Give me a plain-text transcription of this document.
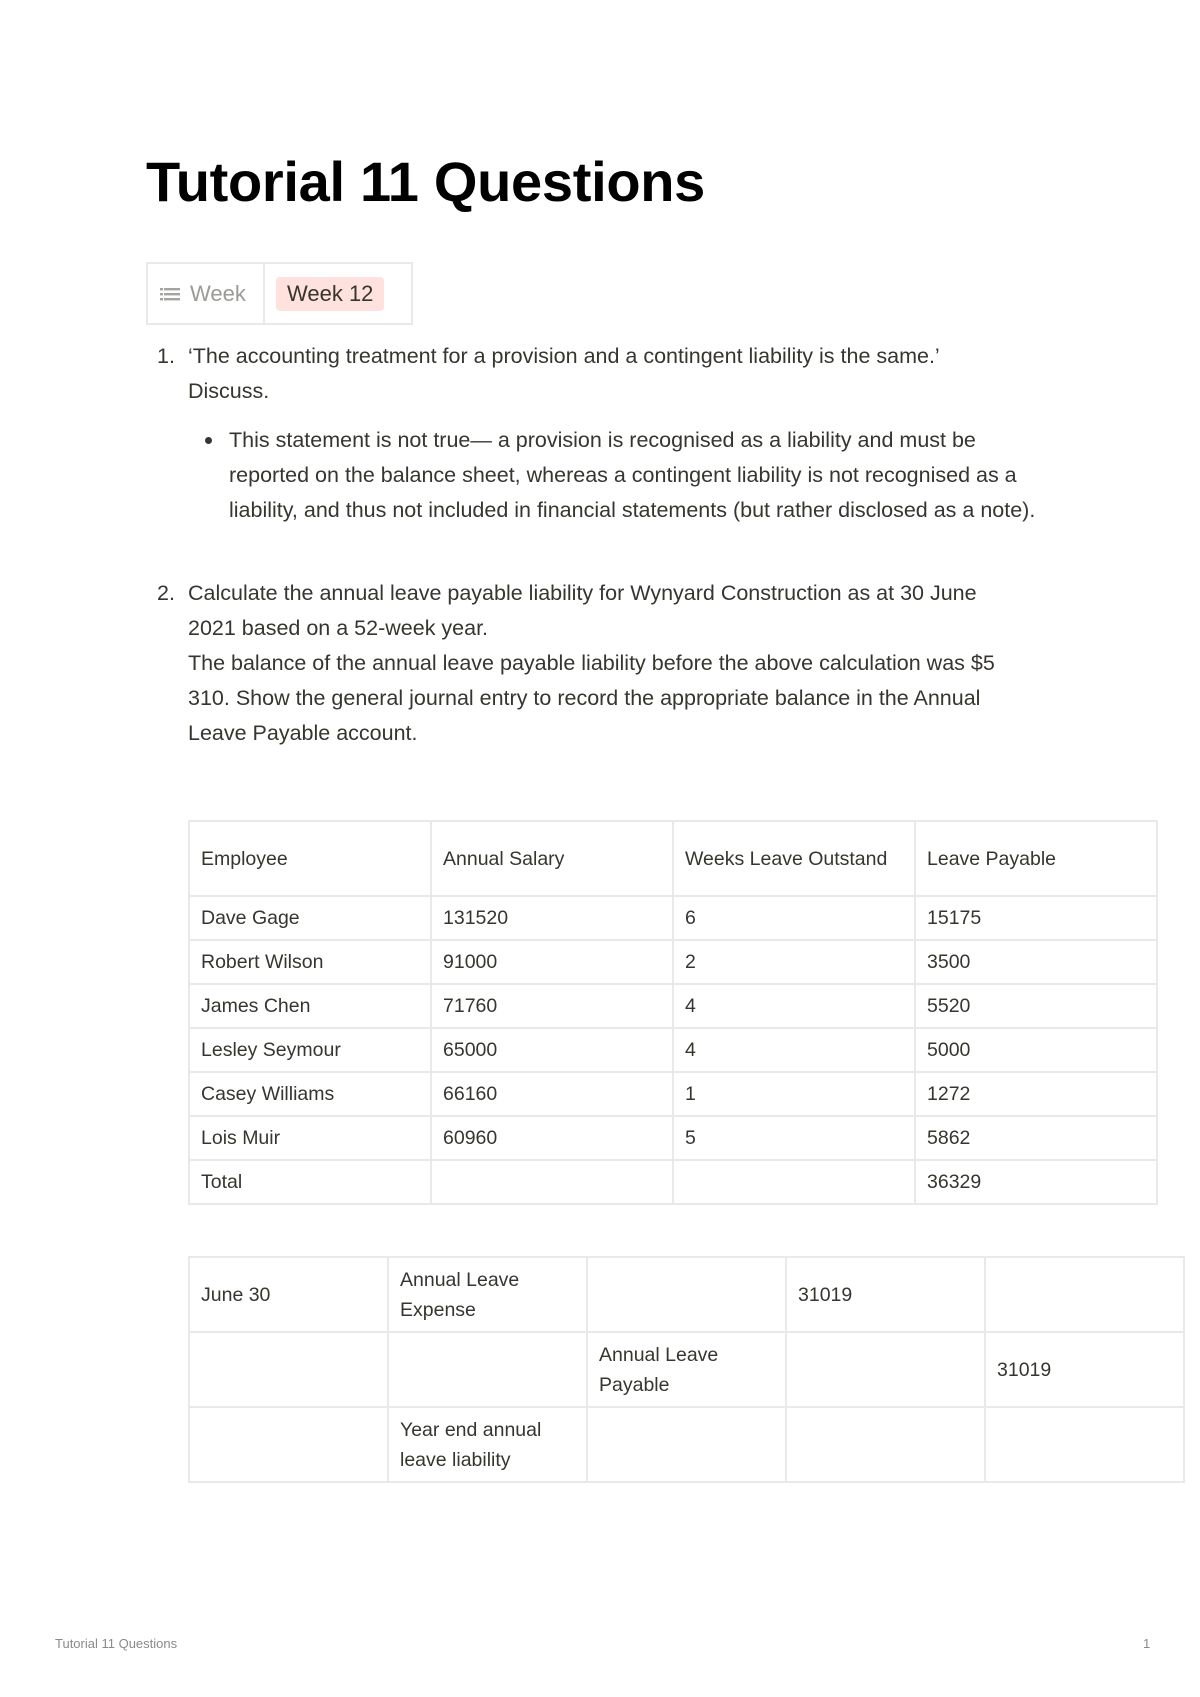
Tutorial 11 Questions
Week	Week 12
1. ‘The accounting treatment for a provision and a contingent liability is the same.’
Discuss.
This statement is not true— a provision is recognised as a liability and must be reported on the balance sheet, whereas a contingent liability is not recognised as a liability, and thus not included in financial statements (but rather disclosed as a note).
2. Calculate the annual leave payable liability for Wynyard Construction as at 30 June 2021 based on a 52-week year.
The balance of the annual leave payable liability before the above calculation was $5 310. Show the general journal entry to record the appropriate balance in the Annual Leave Payable account.
Employee	Annual Salary	Weeks Leave Outstand	Leave Payable
Dave Gage	131520	6	15175
Robert Wilson	91000	2	3500
James Chen	71760	4	5520
Lesley Seymour	65000	4	5000
Casey Williams	66160	1	1272
Lois Muir	60960	5	5862
Total			36329
June 30	Annual Leave Expense		31019	
		Annual Leave Payable		31019
	Year end annual leave liability			
Tutorial 11 Questions	1
